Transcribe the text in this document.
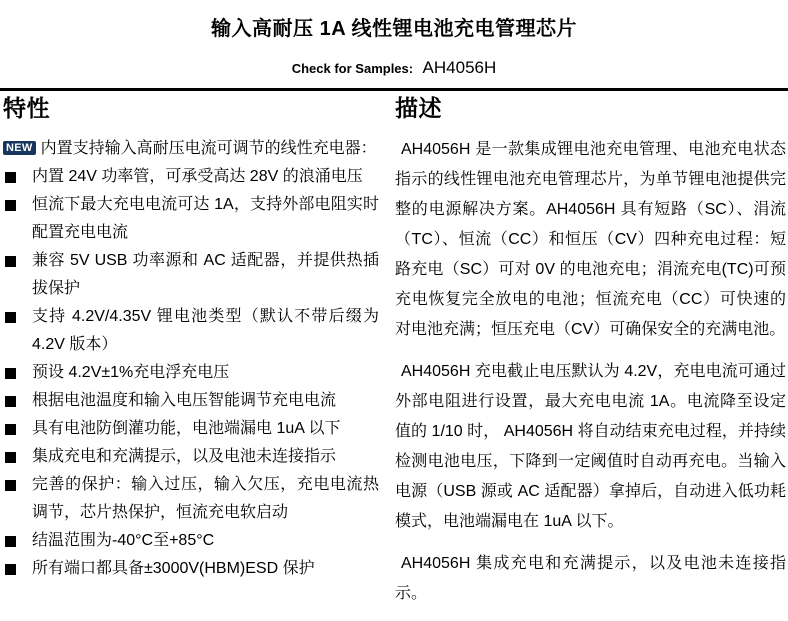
输入高耐压 1A 线性锂电池充电管理芯片
Check for Samples: AH4056H
特性
NEW 内置支持输入高耐压电流可调节的线性充电器：
内置 24V 功率管，可承受高达 28V 的浪涌电压
恒流下最大充电电流可达 1A，支持外部电阻实时配置充电电流
兼容 5V USB 功率源和 AC 适配器，并提供热插拔保护
支持 4.2V/4.35V 锂电池类型（默认不带后缀为 4.2V 版本）
预设 4.2V±1%充电浮充电压
根据电池温度和输入电压智能调节充电电流
具有电池防倒灌功能，电池端漏电 1uA 以下
集成充电和充满提示，以及电池未连接指示
完善的保护：输入过压，输入欠压，充电电流热调节，芯片热保护，恒流充电软启动
结温范围为-40°C至+85°C
所有端口都具备±3000V(HBM)ESD 保护
描述

AH4056H 是一款集成锂电池充电管理、电池充电状态指示的线性锂电池充电管理芯片，为单节锂电池提供完整的电源解决方案。AH4056H 具有短路（SC）、涓流（TC）、恒流（CC）和恒压（CV）四种充电过程：短路充电（SC）可对 0V 的电池充电；涓流充电(TC)可预充电恢复完全放电的电池；恒流充电（CC）可快速的对电池充满；恒压充电（CV）可确保安全的充满电池。

AH4056H 充电截止电压默认为 4.2V，充电电流可通过外部电阻进行设置，最大充电电流 1A。电流降至设定值的 1/10 时， AH4056H 将自动结束充电过程，并持续检测电池电压，下降到一定阈值时自动再充电。当输入电源（USB 源或 AC 适配器）拿掉后，自动进入低功耗模式，电池端漏电在 1uA 以下。

AH4056H 集成充电和充满提示，以及电池未连接指示。
